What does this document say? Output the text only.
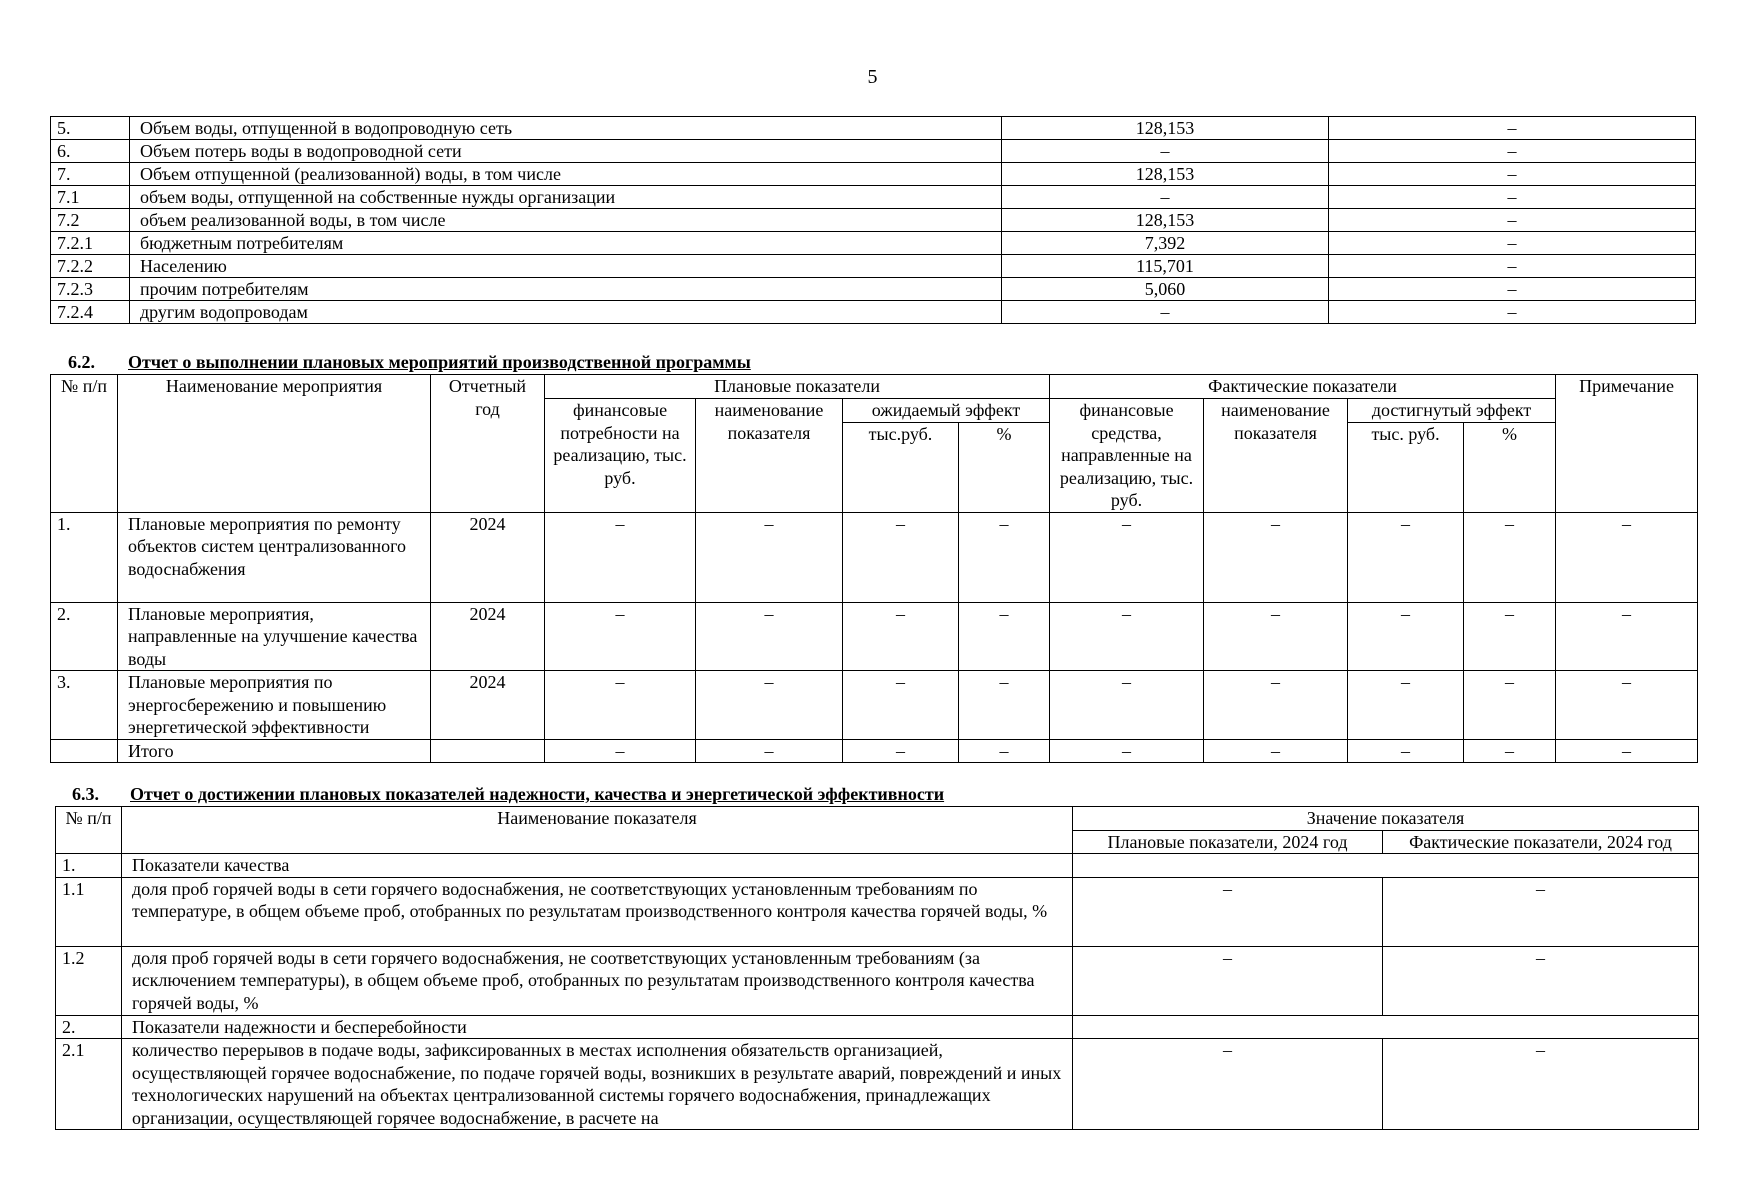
5
5.	Объем воды, отпущенной в водопроводную сеть	128,153	–
6.	Объем потерь воды в водопроводной сети	–	–
7.	Объем отпущенной (реализованной) воды, в том числе	128,153	–
7.1	объем воды, отпущенной на собственные нужды организации	–	–
7.2	объем реализованной воды, в том числе	128,153	–
7.2.1	бюджетным потребителям	7,392	–
7.2.2	Населению	115,701	–
7.2.3	прочим потребителям	5,060	–
7.2.4	другим водопроводам	–	–
6.2. Отчет о выполнении плановых мероприятий производственной программы
№ п/п	Наименование мероприятия	Отчетный год	Плановые показатели				Фактические показатели				Примечание
			финансовые потребности на реализацию, тыс. руб.	наименование показателя	ожидаемый эффект		финансовые средства, направленные на реализацию, тыс. руб.	наименование показателя	достигнутый эффект		
					тыс.руб.	%			тыс. руб.	%	
1.	Плановые мероприятия по ремонту объектов систем централизованного водоснабжения	2024	–	–	–	–	–	–	–	–	–
2.	Плановые мероприятия, направленные на улучшение качества воды	2024	–	–	–	–	–	–	–	–	–
3.	Плановые мероприятия по энергосбережению и повышению энергетической эффективности	2024	–	–	–	–	–	–	–	–	–
	Итого		–	–	–	–	–	–	–	–	–
6.3. Отчет о достижении плановых показателей надежности, качества и энергетической эффективности
№ п/п	Наименование показателя	Значение показателя	
		Плановые показатели, 2024 год	Фактические показатели, 2024 год
1.	Показатели качества		
1.1	доля проб горячей воды в сети горячего водоснабжения, не соответствующих установленным требованиям по температуре, в общем объеме проб, отобранных по результатам производственного контроля качества горячей воды, %	–	–
1.2	доля проб горячей воды в сети горячего водоснабжения, не соответствующих установленным требованиям (за исключением температуры), в общем объеме проб, отобранных по результатам производственного контроля качества горячей воды, %	–	–
2.	Показатели надежности и бесперебойности		
2.1	количество перерывов в подаче воды, зафиксированных в местах исполнения обязательств организацией, осуществляющей горячее водоснабжение, по подаче горячей воды, возникших в результате аварий, повреждений и иных технологических нарушений на объектах централизованной системы горячего водоснабжения, принадлежащих организации, осуществляющей горячее водоснабжение, в расчете на	–	–
